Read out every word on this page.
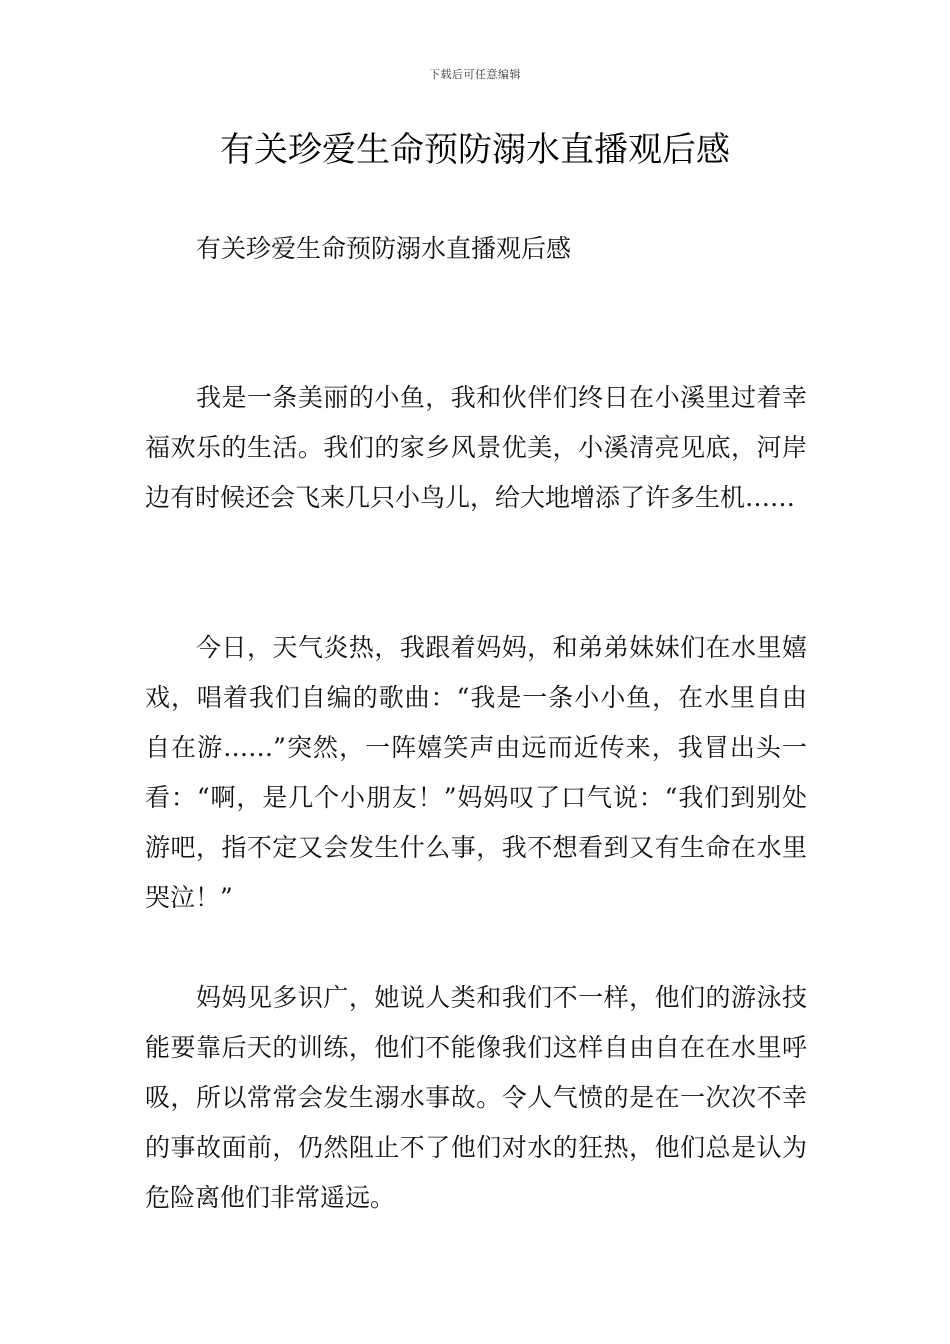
下载后可任意编辑
有关珍爱生命预防溺水直播观后感
有关珍爱生命预防溺水直播观后感

我是一条美丽的小鱼，我和伙伴们终日在小溪里过着幸福欢乐的生活。我们的家乡风景优美，小溪清亮见底，河岸边有时候还会飞来几只小鸟儿，给大地增添了许多生机……

今日，天气炎热，我跟着妈妈，和弟弟妹妹们在水里嬉戏，唱着我们自编的歌曲：“我是一条小小鱼，在水里自由自在游……”突然，一阵嬉笑声由远而近传来，我冒出头一看：“啊，是几个小朋友！”妈妈叹了口气说：“我们到别处游吧，指不定又会发生什么事，我不想看到又有生命在水里哭泣！”

妈妈见多识广，她说人类和我们不一样，他们的游泳技能要靠后天的训练，他们不能像我们这样自由自在在水里呼吸，所以常常会发生溺水事故。令人气愤的是在一次次不幸的事故面前，仍然阻止不了他们对水的狂热，他们总是认为危险离他们非常遥远。
